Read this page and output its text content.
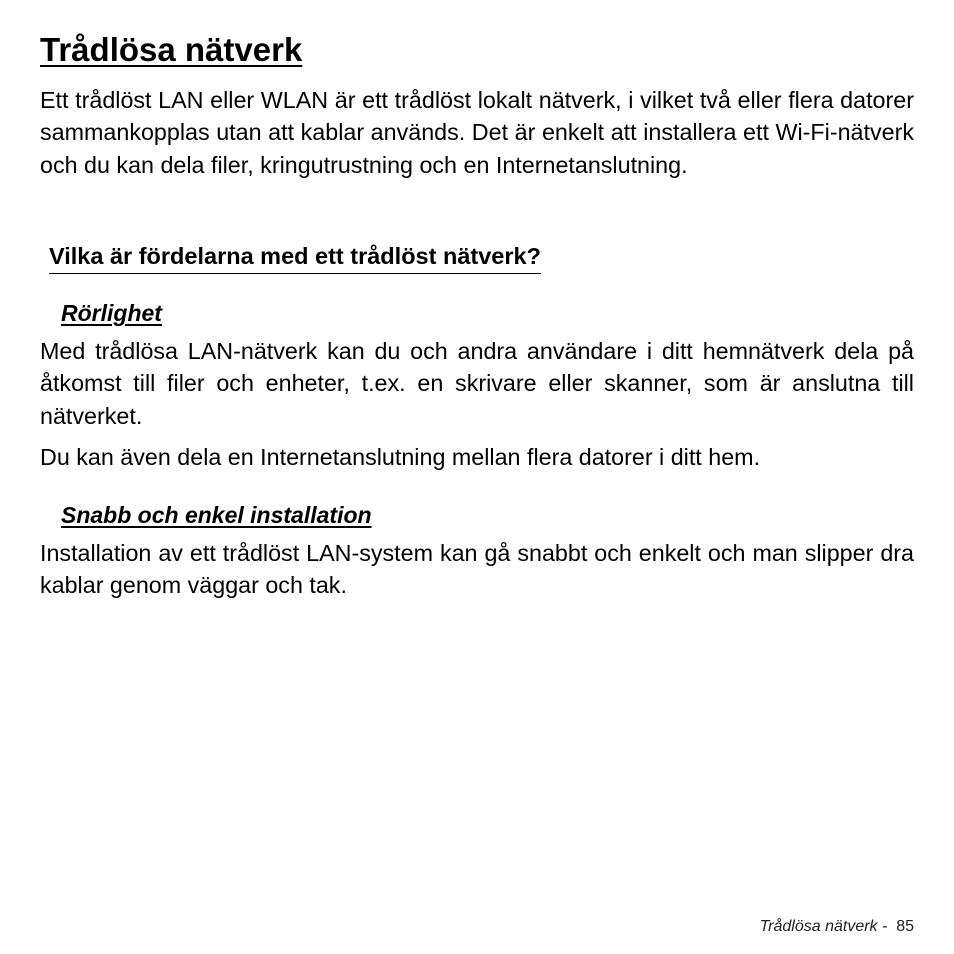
Trådlösa nätverk

Ett trådlöst LAN eller WLAN är ett trådlöst lokalt nätverk, i vilket två eller flera datorer sammankopplas utan att kablar används. Det är enkelt att installera ett Wi-Fi-nätverk och du kan dela filer, kringutrustning och en Internetanslutning.

Vilka är fördelarna med ett trådlöst nätverk?
Rörlighet

Med trådlösa LAN-nätverk kan du och andra användare i ditt hemnätverk dela på åtkomst till filer och enheter, t.ex. en skrivare eller skanner, som är anslutna till nätverket.

Du kan även dela en Internetanslutning mellan flera datorer i ditt hem.

Snabb och enkel installation

Installation av ett trådlöst LAN-system kan gå snabbt och enkelt och man slipper dra kablar genom väggar och tak.

Trådlösa nätverk - 85
